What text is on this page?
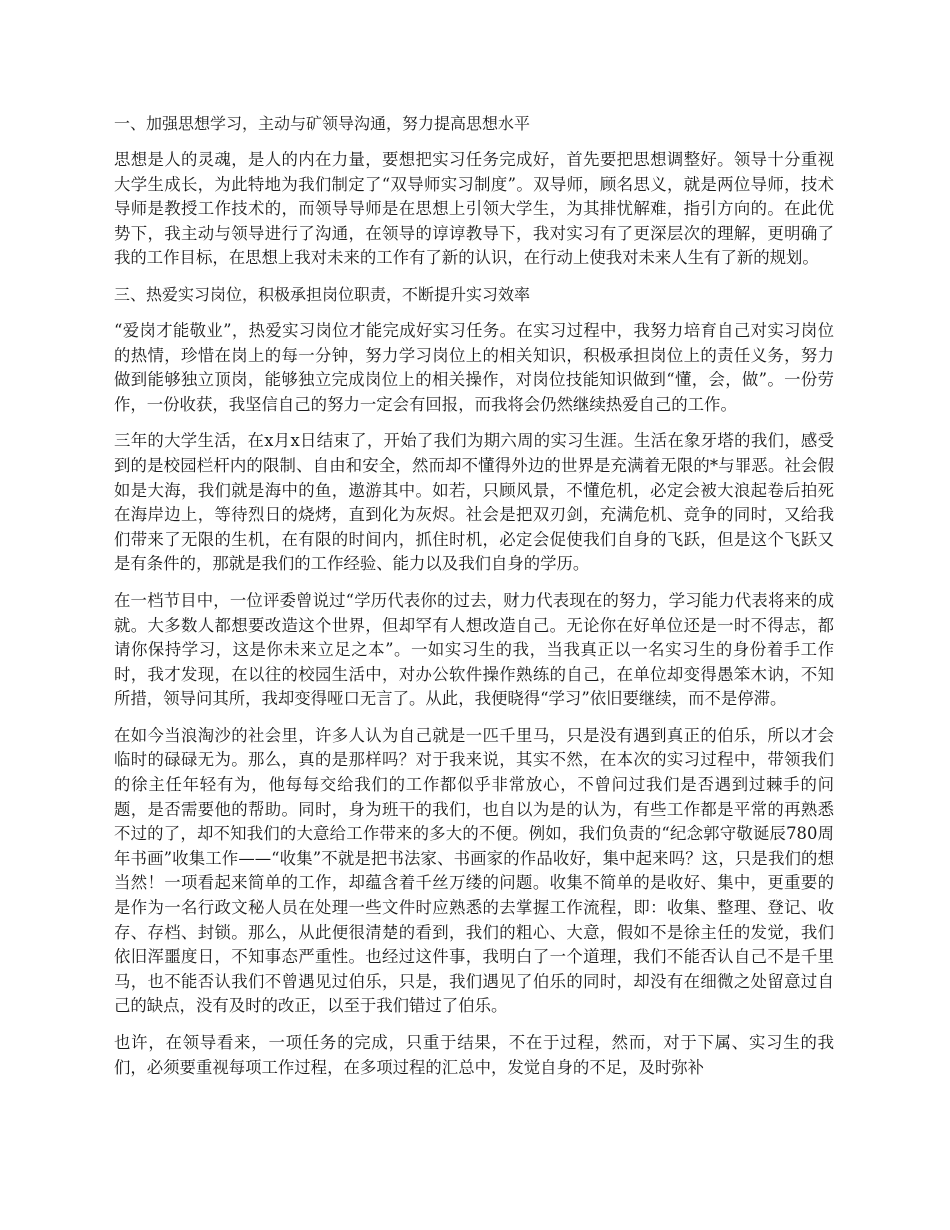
一、加强思想学习，主动与矿领导沟通，努力提高思想水平

思想是人的灵魂，是人的内在力量，要想把实习任务完成好，首先要把思想调整好。领导十分重视大学生成长，为此特地为我们制定了“双导师实习制度”。双导师，顾名思义，就是两位导师，技术导师是教授工作技术的，而领导导师是在思想上引领大学生，为其排忧解难，指引方向的。在此优势下，我主动与领导进行了沟通，在领导的谆谆教导下，我对实习有了更深层次的理解，更明确了我的工作目标，在思想上我对未来的工作有了新的认识，在行动上使我对未来人生有了新的规划。

三、热爱实习岗位，积极承担岗位职责，不断提升实习效率

“爱岗才能敬业”，热爱实习岗位才能完成好实习任务。在实习过程中，我努力培育自己对实习岗位的热情，珍惜在岗上的每一分钟，努力学习岗位上的相关知识，积极承担岗位上的责任义务，努力做到能够独立顶岗，能够独立完成岗位上的相关操作，对岗位技能知识做到“懂，会，做”。一份劳作，一份收获，我坚信自己的努力一定会有回报，而我将会仍然继续热爱自己的工作。

三年的大学生活，在x月x日结束了，开始了我们为期六周的实习生涯。生活在象牙塔的我们，感受到的是校园栏杆内的限制、自由和安全，然而却不懂得外边的世界是充满着无限的*与罪恶。社会假如是大海，我们就是海中的鱼，遨游其中。如若，只顾风景，不懂危机，必定会被大浪起卷后拍死在海岸边上，等待烈日的烧烤，直到化为灰烬。社会是把双刃剑，充满危机、竞争的同时，又给我们带来了无限的生机，在有限的时间内，抓住时机，必定会促使我们自身的飞跃，但是这个飞跃又是有条件的，那就是我们的工作经验、能力以及我们自身的学历。

在一档节目中，一位评委曾说过“学历代表你的过去，财力代表现在的努力，学习能力代表将来的成就。大多数人都想要改造这个世界，但却罕有人想改造自己。无论你在好单位还是一时不得志，都请你保持学习，这是你未来立足之本”。一如实习生的我，当我真正以一名实习生的身份着手工作时，我才发现，在以往的校园生活中，对办公软件操作熟练的自己，在单位却变得愚笨木讷，不知所措，领导问其所，我却变得哑口无言了。从此，我便晓得“学习”依旧要继续，而不是停滞。

在如今当浪淘沙的社会里，许多人认为自己就是一匹千里马，只是没有遇到真正的伯乐，所以才会临时的碌碌无为。那么，真的是那样吗？对于我来说，其实不然，在本次的实习过程中，带领我们的徐主任年轻有为，他每每交给我们的工作都似乎非常放心，不曾问过我们是否遇到过棘手的问题，是否需要他的帮助。同时，身为班干的我们，也自以为是的认为，有些工作都是平常的再熟悉不过的了，却不知我们的大意给工作带来的多大的不便。例如，我们负责的“纪念郭守敬诞辰780周年书画”收集工作——“收集”不就是把书法家、书画家的作品收好，集中起来吗？这，只是我们的想当然！一项看起来简单的工作，却蕴含着千丝万缕的问题。收集不简单的是收好、集中，更重要的是作为一名行政文秘人员在处理一些文件时应熟悉的去掌握工作流程，即：收集、整理、登记、收存、存档、封锁。那么，从此便很清楚的看到，我们的粗心、大意，假如不是徐主任的发觉，我们依旧浑噩度日，不知事态严重性。也经过这件事，我明白了一个道理，我们不能否认自己不是千里马，也不能否认我们不曾遇见过伯乐，只是，我们遇见了伯乐的同时，却没有在细微之处留意过自己的缺点，没有及时的改正，以至于我们错过了伯乐。

也许，在领导看来，一项任务的完成，只重于结果，不在于过程，然而，对于下属、实习生的我们，必须要重视每项工作过程，在多项过程的汇总中，发觉自身的不足，及时弥补
